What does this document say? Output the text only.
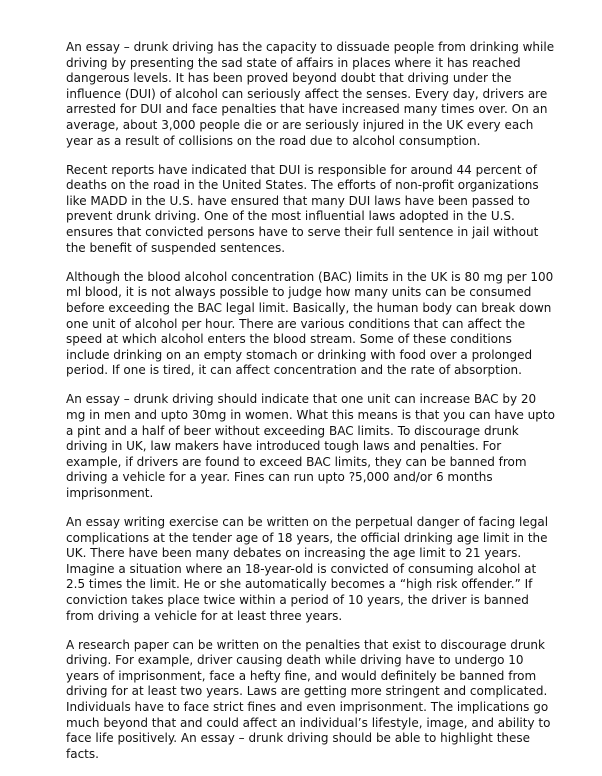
An essay – drunk driving has the capacity to dissuade people from drinking while driving by presenting the sad state of affairs in places where it has reached dangerous levels. It has been proved beyond doubt that driving under the influence (DUI) of alcohol can seriously affect the senses. Every day, drivers are arrested for DUI and face penalties that have increased many times over. On an average, about 3,000 people die or are seriously injured in the UK every each year as a result of collisions on the road due to alcohol consumption.

Recent reports have indicated that DUI is responsible for around 44 percent of deaths on the road in the United States. The efforts of non-profit organizations like MADD in the U.S. have ensured that many DUI laws have been passed to prevent drunk driving. One of the most influential laws adopted in the U.S. ensures that convicted persons have to serve their full sentence in jail without the benefit of suspended sentences.

Although the blood alcohol concentration (BAC) limits in the UK is 80 mg per 100 ml blood, it is not always possible to judge how many units can be consumed before exceeding the BAC legal limit. Basically, the human body can break down one unit of alcohol per hour. There are various conditions that can affect the speed at which alcohol enters the blood stream. Some of these conditions include drinking on an empty stomach or drinking with food over a prolonged period. If one is tired, it can affect concentration and the rate of absorption.

An essay – drunk driving should indicate that one unit can increase BAC by 20 mg in men and upto 30mg in women. What this means is that you can have upto a pint and a half of beer without exceeding BAC limits. To discourage drunk driving in UK, law makers have introduced tough laws and penalties. For example, if drivers are found to exceed BAC limits, they can be banned from driving a vehicle for a year. Fines can run upto ?5,000 and/or 6 months imprisonment.

An essay writing exercise can be written on the perpetual danger of facing legal complications at the tender age of 18 years, the official drinking age limit in the UK. There have been many debates on increasing the age limit to 21 years. Imagine a situation where an 18-year-old is convicted of consuming alcohol at 2.5 times the limit. He or she automatically becomes a “high risk offender.” If conviction takes place twice within a period of 10 years, the driver is banned from driving a vehicle for at least three years.

A research paper can be written on the penalties that exist to discourage drunk driving. For example, driver causing death while driving have to undergo 10 years of imprisonment, face a hefty fine, and would definitely be banned from driving for at least two years. Laws are getting more stringent and complicated. Individuals have to face strict fines and even imprisonment. The implications go much beyond that and could affect an individual’s lifestyle, image, and ability to face life positively. An essay – drunk driving should be able to highlight these facts.
